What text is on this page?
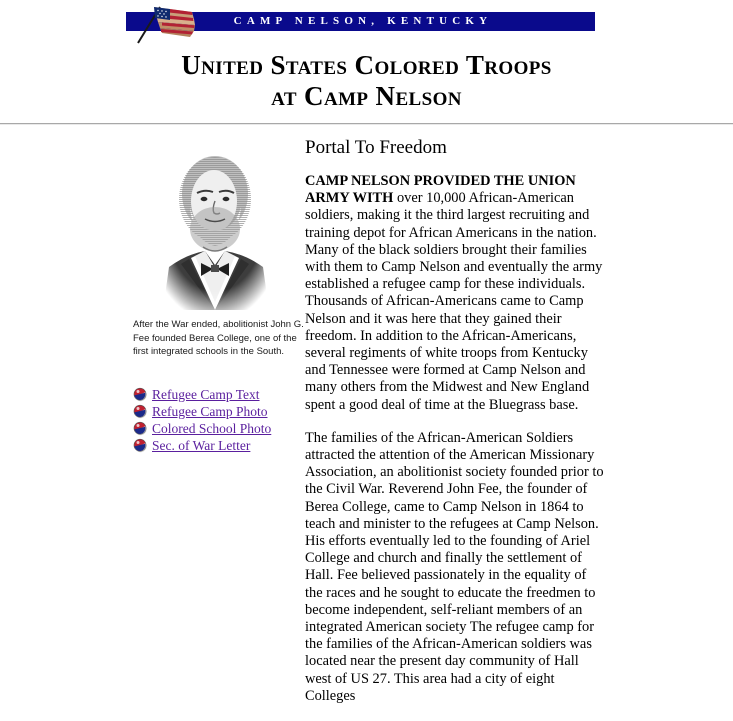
CAMP NELSON, KENTUCKY
United States Colored Troops
at Camp Nelson

After the War ended, abolitionist John G. Fee founded Berea College, one of the first integrated schools in the South.

Refugee Camp Text
Refugee Camp Photo
Colored School Photo
Sec. of War Letter
Portal To Freedom

CAMP NELSON PROVIDED THE UNION ARMY WITH over 10,000 African-American soldiers, making it the third largest recruiting and training depot for African Americans in the nation. Many of the black soldiers brought their families with them to Camp Nelson and eventually the army established a refugee camp for these individuals. Thousands of African-Americans came to Camp Nelson and it was here that they gained their freedom. In addition to the African-Americans, several regiments of white troops from Kentucky and Tennessee were formed at Camp Nelson and many others from the Midwest and New England spent a good deal of time at the Bluegrass base.

The families of the African-American Soldiers attracted the attention of the American Missionary Association, an abolitionist society founded prior to the Civil War. Reverend John Fee, the founder of Berea College, came to Camp Nelson in 1864 to teach and minister to the refugees at Camp Nelson. His efforts eventually led to the founding of Ariel College and church and finally the settlement of Hall. Fee believed passionately in the equality of the races and he sought to educate the freedmen to become independent, self-reliant members of an integrated American society The refugee camp for the families of the African-American soldiers was located near the present day community of Hall west of US 27. This area had a city of eight Colleges
